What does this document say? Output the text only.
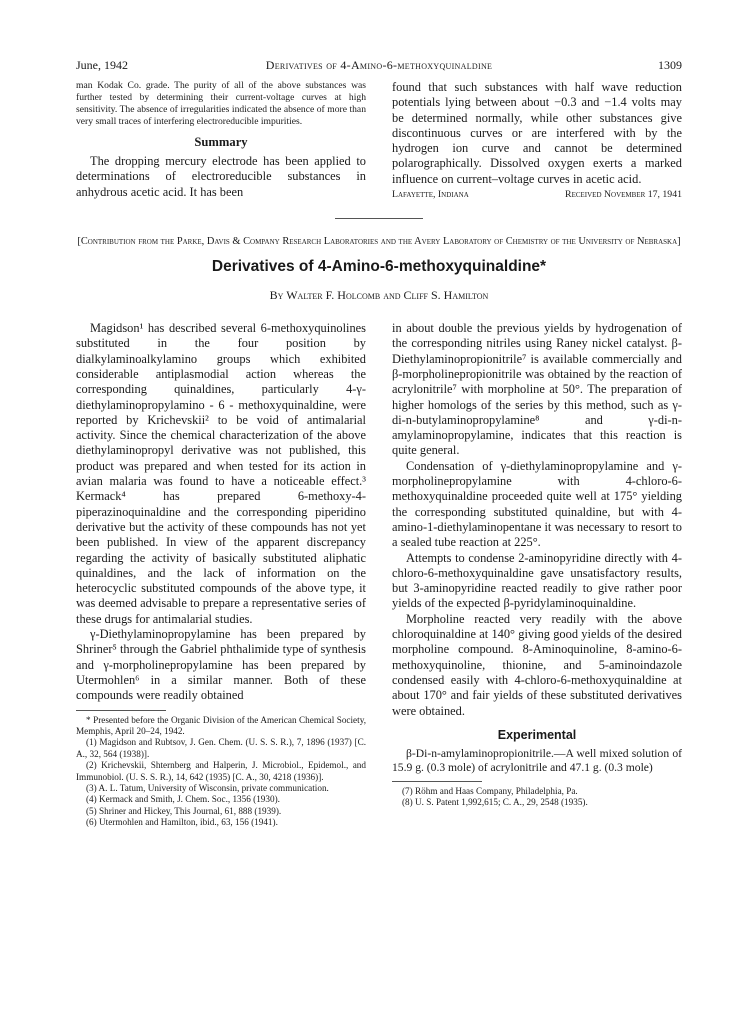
June, 1942	Derivatives of 4-Amino-6-methoxyquinaldine	1309

man Kodak Co. grade. The purity of all of the above substances was further tested by determining their current-voltage curves at high sensitivity. The absence of irregularities indicated the absence of more than very small traces of interfering electroreducible impurities.

Summary

The dropping mercury electrode has been applied to determinations of electroreducible substances in anhydrous acetic acid. It has been

found that such substances with half wave reduction potentials lying between about −0.3 and −1.4 volts may be determined normally, while other substances give discontinuous curves or are interfered with by the hydrogen ion curve and cannot be determined polarographically. Dissolved oxygen exerts a marked influence on current–voltage curves in acetic acid.

Lafayette, Indiana	Received November 17, 1941
[Contribution from the Parke, Davis & Company Research Laboratories and the Avery Laboratory of Chemistry of the University of Nebraska]
Derivatives of 4-Amino-6-methoxyquinaldine*
By Walter F. Holcomb and Cliff S. Hamilton

Magidson¹ has described several 6-methoxyquinolines substituted in the four position by dialkylaminoalkylamino groups which exhibited considerable antiplasmodial action whereas the corresponding quinaldines, particularly 4-γ-diethylaminopropylamino - 6 - methoxyquinaldine, were reported by Krichevskii² to be void of antimalarial activity. Since the chemical characterization of the above diethylaminopropyl derivative was not published, this product was prepared and when tested for its action in avian malaria was found to have a noticeable effect.³ Kermack⁴ has prepared 6-methoxy-4-piperazinoquinaldine and the corresponding piperidino derivative but the activity of these compounds has not yet been published. In view of the apparent discrepancy regarding the activity of basically substituted aliphatic quinaldines, and the lack of information on the heterocyclic substituted compounds of the above type, it was deemed advisable to prepare a representative series of these drugs for antimalarial studies.

γ-Diethylaminopropylamine has been prepared by Shriner⁵ through the Gabriel phthalimide type of synthesis and γ-morpholinepropylamine has been prepared by Utermohlen⁶ in a similar manner. Both of these compounds were readily obtained

* Presented before the Organic Division of the American Chemical Society, Memphis, April 20–24, 1942.
(1) Magidson and Rubtsov, J. Gen. Chem. (U. S. S. R.), 7, 1896 (1937) [C. A., 32, 564 (1938)].
(2) Krichevskii, Shternberg and Halperin, J. Microbiol., Epidemol., and Immunobiol. (U. S. S. R.), 14, 642 (1935) [C. A., 30, 4218 (1936)].
(3) A. L. Tatum, University of Wisconsin, private communication.
(4) Kermack and Smith, J. Chem. Soc., 1356 (1930).
(5) Shriner and Hickey, This Journal, 61, 888 (1939).
(6) Utermohlen and Hamilton, ibid., 63, 156 (1941).

in about double the previous yields by hydrogenation of the corresponding nitriles using Raney nickel catalyst. β-Diethylaminopropionitrile⁷ is available commercially and β-morpholinepropionitrile was obtained by the reaction of acrylonitrile⁷ with morpholine at 50°. The preparation of higher homologs of the series by this method, such as γ-di-n-butylaminopropylamine⁸ and γ-di-n-amylaminopropylamine, indicates that this reaction is quite general.

Condensation of γ-diethylaminopropylamine and γ-morpholinepropylamine with 4-chloro-6-methoxyquinaldine proceeded quite well at 175° yielding the corresponding substituted quinaldine, but with 4-amino-1-diethylaminopentane it was necessary to resort to a sealed tube reaction at 225°.

Attempts to condense 2-aminopyridine directly with 4-chloro-6-methoxyquinaldine gave unsatisfactory results, but 3-aminopyridine reacted readily to give rather poor yields of the expected β-pyridylaminoquinaldine.

Morpholine reacted very readily with the above chloroquinaldine at 140° giving good yields of the desired morpholine compound. 8-Aminoquinoline, 8-amino-6-methoxyquinoline, thionine, and 5-aminoindazole condensed easily with 4-chloro-6-methoxyquinaldine at about 170° and fair yields of these substituted derivatives were obtained.

Experimental

β-Di-n-amylaminopropionitrile.—A well mixed solution of 15.9 g. (0.3 mole) of acrylonitrile and 47.1 g. (0.3 mole)

(7) Röhm and Haas Company, Philadelphia, Pa.
(8) U. S. Patent 1,992,615; C. A., 29, 2548 (1935).
